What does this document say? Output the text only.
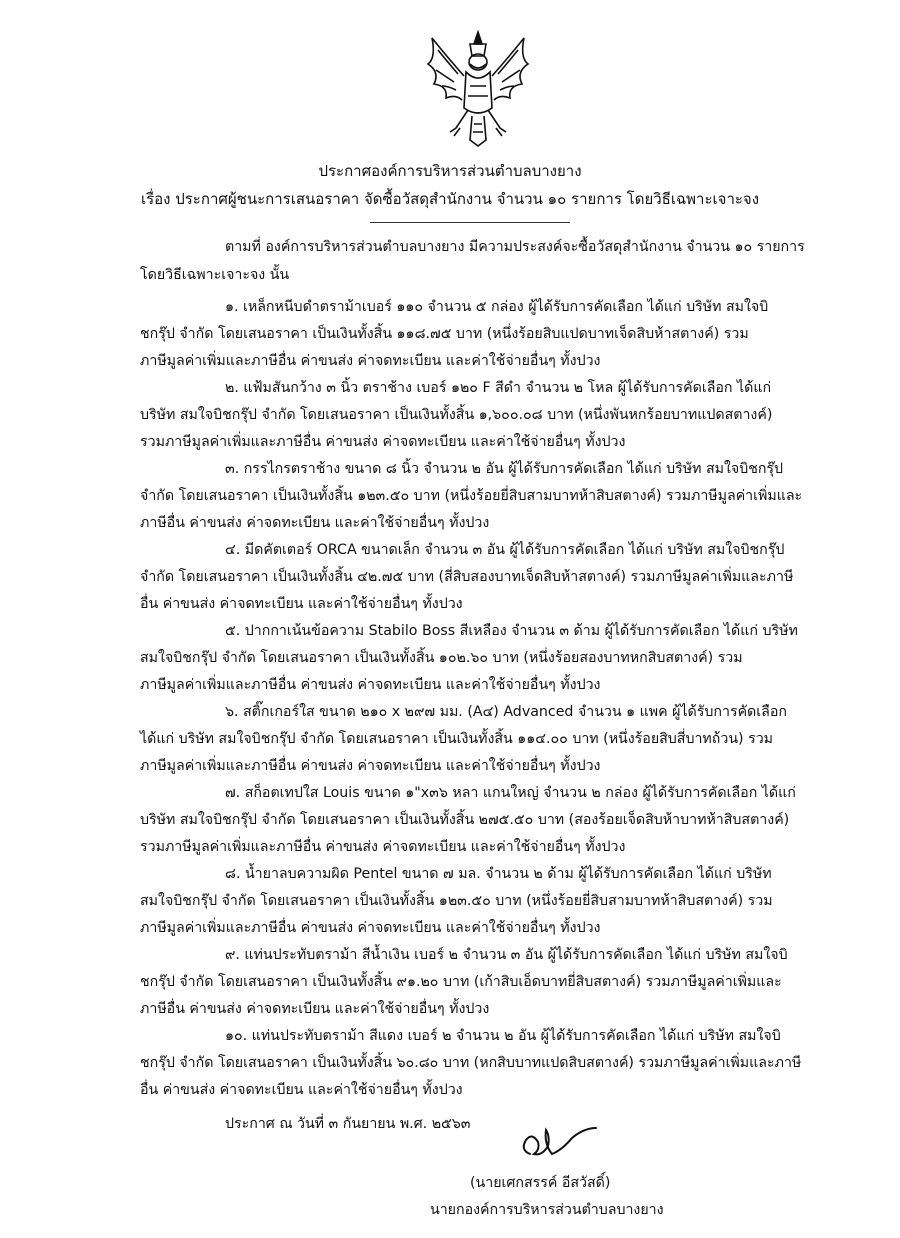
ประกาศองค์การบริหารส่วนตำบลบางยาง
เรื่อง ประกาศผู้ชนะการเสนอราคา จัดซื้อวัสดุสำนักงาน จำนวน ๑๐ รายการ โดยวิธีเฉพาะเจาะจง
ตามที่ องค์การบริหารส่วนตำบลบางยาง มีความประสงค์จะซื้อวัสดุสำนักงาน จำนวน ๑๐ รายการ
โดยวิธีเฉพาะเจาะจง นั้น
๑. เหล็กหนีบดำตราม้าเบอร์ ๑๑๐ จำนวน ๕ กล่อง ผู้ได้รับการคัดเลือก ได้แก่ บริษัท สมใจบิ
ชกรุ๊ป จำกัด โดยเสนอราคา เป็นเงินทั้งสิ้น ๑๑๘.๗๕ บาท (หนึ่งร้อยสิบแปดบาทเจ็ดสิบห้าสตางค์) รวม
ภาษีมูลค่าเพิ่มและภาษีอื่น ค่าขนส่ง ค่าจดทะเบียน และค่าใช้จ่ายอื่นๆ ทั้งปวง
๒. แฟ้มสันกว้าง ๓ นิ้ว ตราช้าง เบอร์ ๑๒๐ F สีดำ จำนวน ๒ โหล ผู้ได้รับการคัดเลือก ได้แก่
บริษัท สมใจบิชกรุ๊ป จำกัด โดยเสนอราคา เป็นเงินทั้งสิ้น ๑,๖๐๐.๐๘ บาท (หนึ่งพันหกร้อยบาทแปดสตางค์)
รวมภาษีมูลค่าเพิ่มและภาษีอื่น ค่าขนส่ง ค่าจดทะเบียน และค่าใช้จ่ายอื่นๆ ทั้งปวง
๓. กรรไกรตราช้าง ขนาด ๘ นิ้ว จำนวน ๒ อัน ผู้ได้รับการคัดเลือก ได้แก่ บริษัท สมใจบิชกรุ๊ป
จำกัด โดยเสนอราคา เป็นเงินทั้งสิ้น ๑๒๓.๕๐ บาท (หนึ่งร้อยยี่สิบสามบาทห้าสิบสตางค์) รวมภาษีมูลค่าเพิ่มและ
ภาษีอื่น ค่าขนส่ง ค่าจดทะเบียน และค่าใช้จ่ายอื่นๆ ทั้งปวง
๔. มีดคัตเตอร์ ORCA ขนาดเล็ก จำนวน ๓ อัน ผู้ได้รับการคัดเลือก ได้แก่ บริษัท สมใจบิชกรุ๊ป
จำกัด โดยเสนอราคา เป็นเงินทั้งสิ้น ๔๒.๗๕ บาท (สี่สิบสองบาทเจ็ดสิบห้าสตางค์) รวมภาษีมูลค่าเพิ่มและภาษี
อื่น ค่าขนส่ง ค่าจดทะเบียน และค่าใช้จ่ายอื่นๆ ทั้งปวง
๕. ปากกาเน้นข้อความ Stabilo Boss สีเหลือง จำนวน ๓ ด้าม ผู้ได้รับการคัดเลือก ได้แก่ บริษัท
สมใจบิชกรุ๊ป จำกัด โดยเสนอราคา เป็นเงินทั้งสิ้น ๑๐๒.๖๐ บาท (หนึ่งร้อยสองบาทหกสิบสตางค์) รวม
ภาษีมูลค่าเพิ่มและภาษีอื่น ค่าขนส่ง ค่าจดทะเบียน และค่าใช้จ่ายอื่นๆ ทั้งปวง
๖. สติ๊กเกอร์ใส ขนาด ๒๑๐ x ๒๙๗ มม. (A๔) Advanced จำนวน ๑ แพค ผู้ได้รับการคัดเลือก
ได้แก่ บริษัท สมใจบิชกรุ๊ป จำกัด โดยเสนอราคา เป็นเงินทั้งสิ้น ๑๑๔.๐๐ บาท (หนึ่งร้อยสิบสี่บาทถ้วน) รวม
ภาษีมูลค่าเพิ่มและภาษีอื่น ค่าขนส่ง ค่าจดทะเบียน และค่าใช้จ่ายอื่นๆ ทั้งปวง
๗. สก็อตเทปใส Louis ขนาด ๑"x๓๖ หลา แกนใหญ่ จำนวน ๒ กล่อง ผู้ได้รับการคัดเลือก ได้แก่
บริษัท สมใจบิชกรุ๊ป จำกัด โดยเสนอราคา เป็นเงินทั้งสิ้น ๒๗๕.๕๐ บาท (สองร้อยเจ็ดสิบห้าบาทห้าสิบสตางค์)
รวมภาษีมูลค่าเพิ่มและภาษีอื่น ค่าขนส่ง ค่าจดทะเบียน และค่าใช้จ่ายอื่นๆ ทั้งปวง
๘. น้ำยาลบความผิด Pentel ขนาด ๗ มล. จำนวน ๒ ด้าม ผู้ได้รับการคัดเลือก ได้แก่ บริษัท
สมใจบิชกรุ๊ป จำกัด โดยเสนอราคา เป็นเงินทั้งสิ้น ๑๒๓.๕๐ บาท (หนึ่งร้อยยี่สิบสามบาทห้าสิบสตางค์) รวม
ภาษีมูลค่าเพิ่มและภาษีอื่น ค่าขนส่ง ค่าจดทะเบียน และค่าใช้จ่ายอื่นๆ ทั้งปวง
๙. แท่นประทับตราม้า สีน้ำเงิน เบอร์ ๒ จำนวน ๓ อัน ผู้ได้รับการคัดเลือก ได้แก่ บริษัท สมใจบิ
ชกรุ๊ป จำกัด โดยเสนอราคา เป็นเงินทั้งสิ้น ๙๑.๒๐ บาท (เก้าสิบเอ็ดบาทยี่สิบสตางค์) รวมภาษีมูลค่าเพิ่มและ
ภาษีอื่น ค่าขนส่ง ค่าจดทะเบียน และค่าใช้จ่ายอื่นๆ ทั้งปวง
๑๐. แท่นประทับตราม้า สีแดง เบอร์ ๒ จำนวน ๒ อัน ผู้ได้รับการคัดเลือก ได้แก่ บริษัท สมใจบิ
ชกรุ๊ป จำกัด โดยเสนอราคา เป็นเงินทั้งสิ้น ๖๐.๘๐ บาท (หกสิบบาทแปดสิบสตางค์) รวมภาษีมูลค่าเพิ่มและภาษี
อื่น ค่าขนส่ง ค่าจดทะเบียน และค่าใช้จ่ายอื่นๆ ทั้งปวง
ประกาศ ณ วันที่ ๓ กันยายน พ.ศ. ๒๕๖๓
(นายเศกสรรค์ อีสวัสดิ์)
นายกองค์การบริหารส่วนตำบลบางยาง
